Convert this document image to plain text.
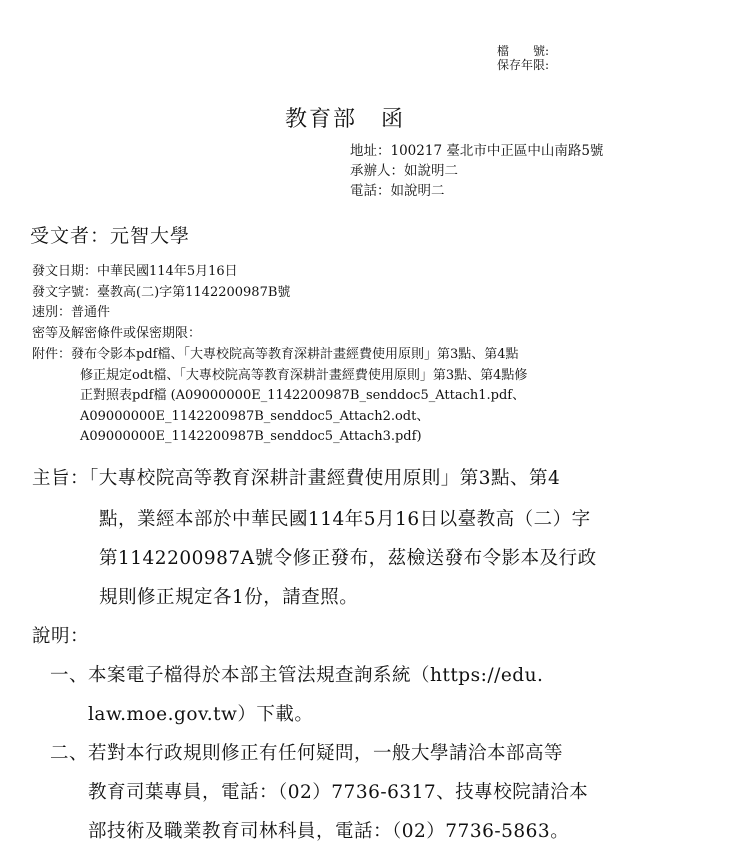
檔　　號:
保存年限:
教育部　函
地址：100217 臺北市中正區中山南路5號
承辦人：如說明二
電話：如說明二
受文者：元智大學
發文日期：中華民國114年5月16日
發文字號：臺教高(二)字第1142200987B號
速別：普通件
密等及解密條件或保密期限：
附件：發布令影本pdf檔、「大專校院高等教育深耕計畫經費使用原則」第3點、第4點
修正規定odt檔、「大專校院高等教育深耕計畫經費使用原則」第3點、第4點修
正對照表pdf檔 (A09000000E_1142200987B_senddoc5_Attach1.pdf、
A09000000E_1142200987B_senddoc5_Attach2.odt、
A09000000E_1142200987B_senddoc5_Attach3.pdf)
主旨：「大專校院高等教育深耕計畫經費使用原則」第3點、第4
點，業經本部於中華民國114年5月16日以臺教高（二）字
第1142200987A號令修正發布，茲檢送發布令影本及行政
規則修正規定各1份，請查照。
說明：
一、本案電子檔得於本部主管法規查詢系統（https://edu.
law.moe.gov.tw）下載。
二、若對本行政規則修正有任何疑問，一般大學請洽本部高等
教育司葉專員，電話：（02）7736-6317、技專校院請洽本
部技術及職業教育司林科員，電話：（02）7736-5863。
